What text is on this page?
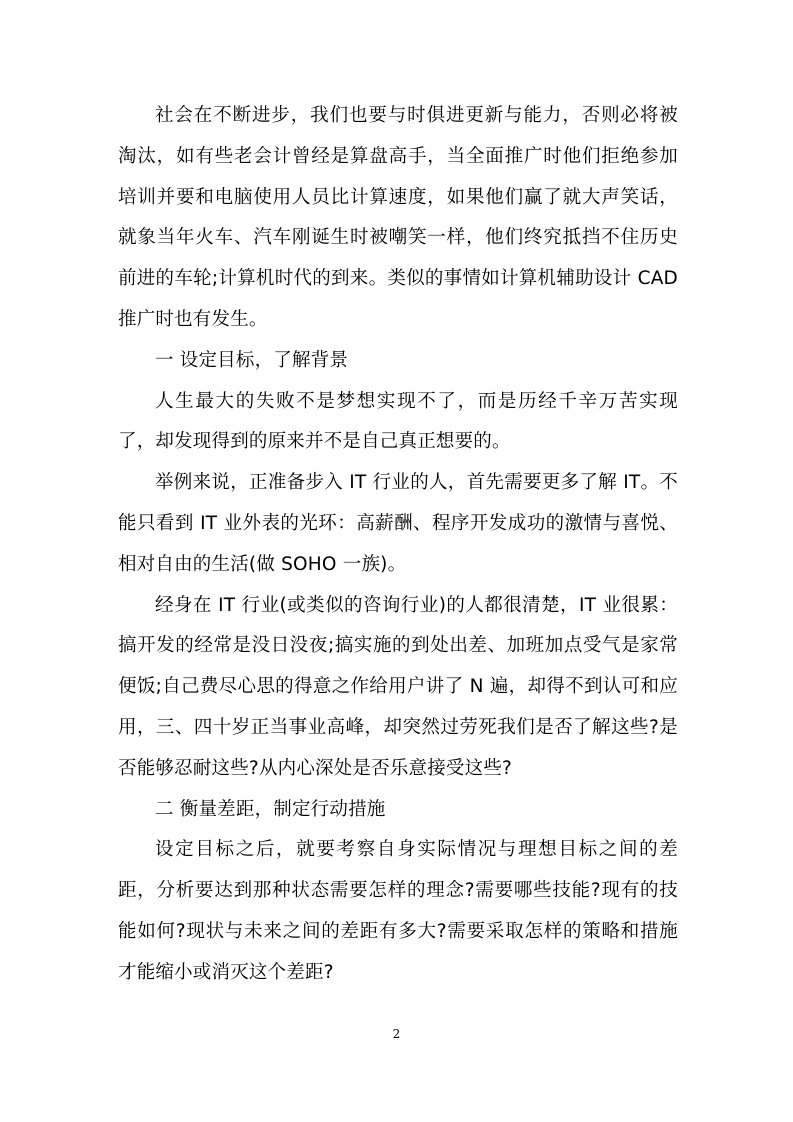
社会在不断进步，我们也要与时俱进更新与能力，否则必将被淘汰，如有些老会计曾经是算盘高手，当全面推广时他们拒绝参加培训并要和电脑使用人员比计算速度，如果他们赢了就大声笑话，就象当年火车、汽车刚诞生时被嘲笑一样，他们终究抵挡不住历史前进的车轮;计算机时代的到来。类似的事情如计算机辅助设计 CAD 推广时也有发生。

一 设定目标，了解背景

人生最大的失败不是梦想实现不了，而是历经千辛万苦实现了，却发现得到的原来并不是自己真正想要的。

举例来说，正准备步入 IT 行业的人，首先需要更多了解 IT。不能只看到 IT 业外表的光环：高薪酬、程序开发成功的激情与喜悦、相对自由的生活(做 SOHO 一族)。

经身在 IT 行业(或类似的咨询行业)的人都很清楚，IT 业很累：搞开发的经常是没日没夜;搞实施的到处出差、加班加点受气是家常便饭;自己费尽心思的得意之作给用户讲了 N 遍，却得不到认可和应用，三、四十岁正当事业高峰，却突然过劳死我们是否了解这些?是否能够忍耐这些?从内心深处是否乐意接受这些?

二 衡量差距，制定行动措施

设定目标之后，就要考察自身实际情况与理想目标之间的差距，分析要达到那种状态需要怎样的理念?需要哪些技能?现有的技能如何?现状与未来之间的差距有多大?需要采取怎样的策略和措施才能缩小或消灭这个差距?

2
